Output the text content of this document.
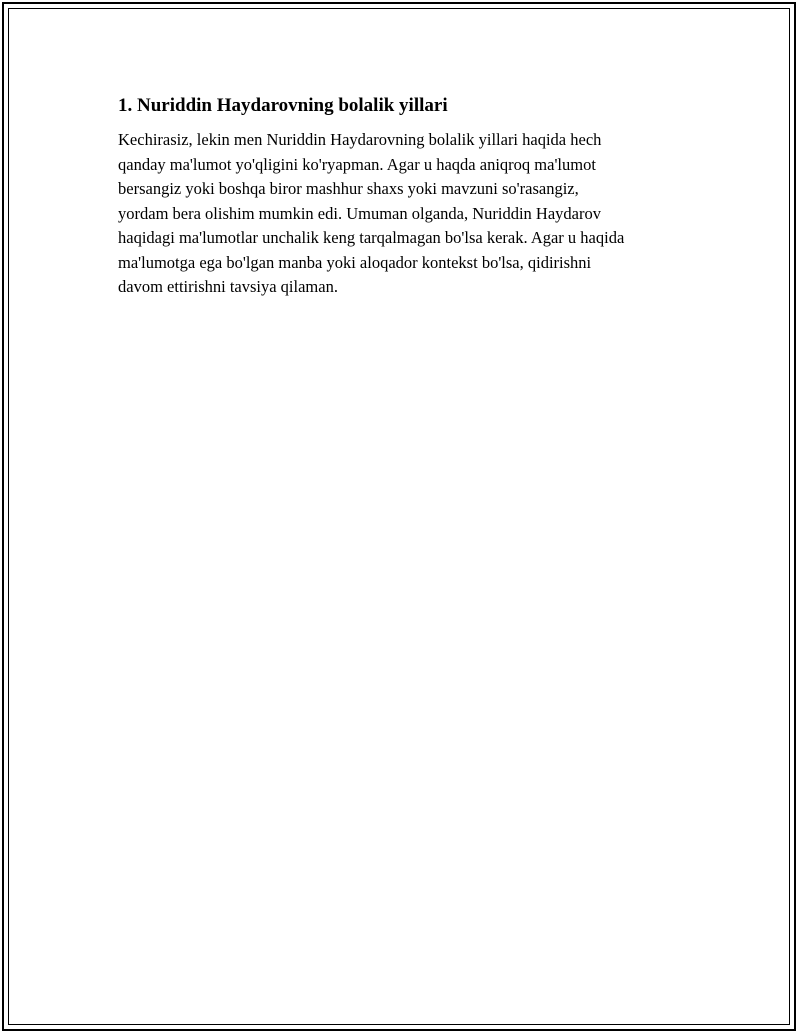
1. Nuriddin Haydarovning bolalik yillari

Kechirasiz, lekin men Nuriddin Haydarovning bolalik yillari haqida hech
qanday ma'lumot yo'qligini ko'ryapman. Agar u haqda aniqroq ma'lumot
bersangiz yoki boshqa biror mashhur shaxs yoki mavzuni so'rasangiz,
yordam bera olishim mumkin edi. Umuman olganda, Nuriddin Haydarov
haqidagi ma'lumotlar unchalik keng tarqalmagan bo'lsa kerak. Agar u haqida
ma'lumotga ega bo'lgan manba yoki aloqador kontekst bo'lsa, qidirishni
davom ettirishni tavsiya qilaman.
